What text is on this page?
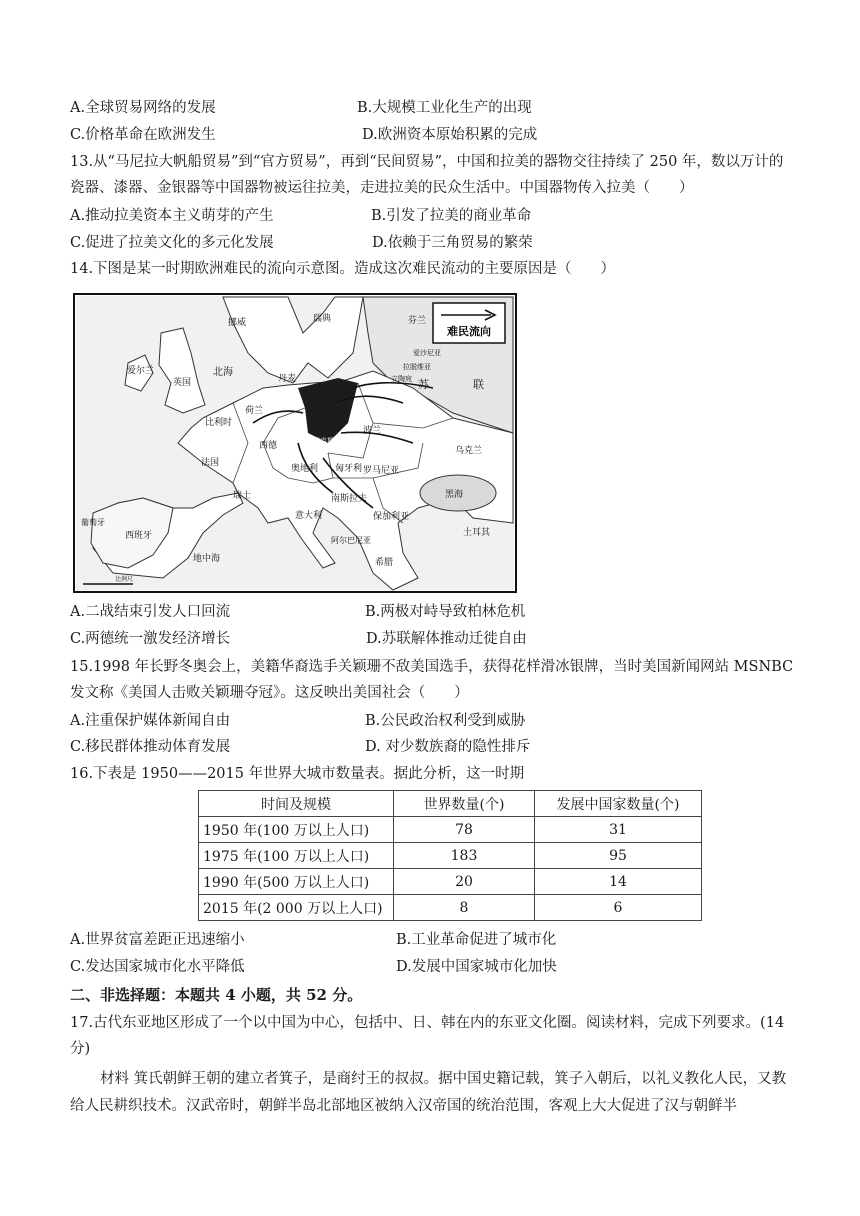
A.全球贸易网络的发展	B.大规模工业化生产的出现
C.价格革命在欧洲发生	D.欧洲资本原始积累的完成
13.从“马尼拉大帆船贸易”到“官方贸易”，再到“民间贸易”，中国和拉美的器物交往持续了 250 年，数以万计的瓷器、漆器、金银器等中国器物被运往拉美，走进拉美的民众生活中。中国器物传入拉美（　　）
A.推动拉美资本主义萌芽的产生	B.引发了拉美的商业革命
C.促进了拉美文化的多元化发展	D.依赖于三角贸易的繁荣
14.下图是某一时期欧洲难民的流向示意图。造成这次难民流动的主要原因是（　　）
难民流向
挪威	瑞典	芬兰
北海
爱尔兰
英国	丹麦
荷兰
比利时
法国
西德
东德	波兰
苏	联
乌克兰
瑞士
奥地利 匈牙利 罗马尼亚
保加利亚
南斯拉夫
意大利
阿尔巴尼亚
希腊
西班牙
葡萄牙
地中海
黑海
土耳其
捷克斯洛伐克
爱沙尼亚
拉脱维亚
立陶宛
比例尺
A.二战结束引发人口回流	B.两极对峙导致柏林危机
C.两德统一激发经济增长	D.苏联解体推动迁徙自由
15.1998 年长野冬奥会上，美籍华裔选手关颖珊不敌美国选手，获得花样滑冰银牌，当时美国新闻网站 MSNBC 发文称《美国人击败关颖珊夺冠》。这反映出美国社会（　　）
A.注重保护媒体新闻自由	B.公民政治权利受到威胁
C.移民群体推动体育发展	D. 对少数族裔的隐性排斥
16.下表是 1950——2015 年世界大城市数量表。据此分析，这一时期
时间及规模	世界数量(个)	发展中国家数量(个)
1950 年(100 万以上人口)	78	31
1975 年(100 万以上人口)	183	95
1990 年(500 万以上人口)	20	14
2015 年(2 000 万以上人口)	8	6
A.世界贫富差距正迅速缩小	B.工业革命促进了城市化
C.发达国家城市化水平降低	D.发展中国家城市化加快
二、非选择题：本题共 4 小题，共 52 分。
17.古代东亚地区形成了一个以中国为中心，包括中、日、韩在内的东亚文化圈。阅读材料，完成下列要求。(14 分)
材料 箕氏朝鲜王朝的建立者箕子，是商纣王的叔叔。据中国史籍记载，箕子入朝后，以礼义教化人民，又教给人民耕织技术。汉武帝时，朝鲜半岛北部地区被纳入汉帝国的统治范围，客观上大大促进了汉与朝鲜半
